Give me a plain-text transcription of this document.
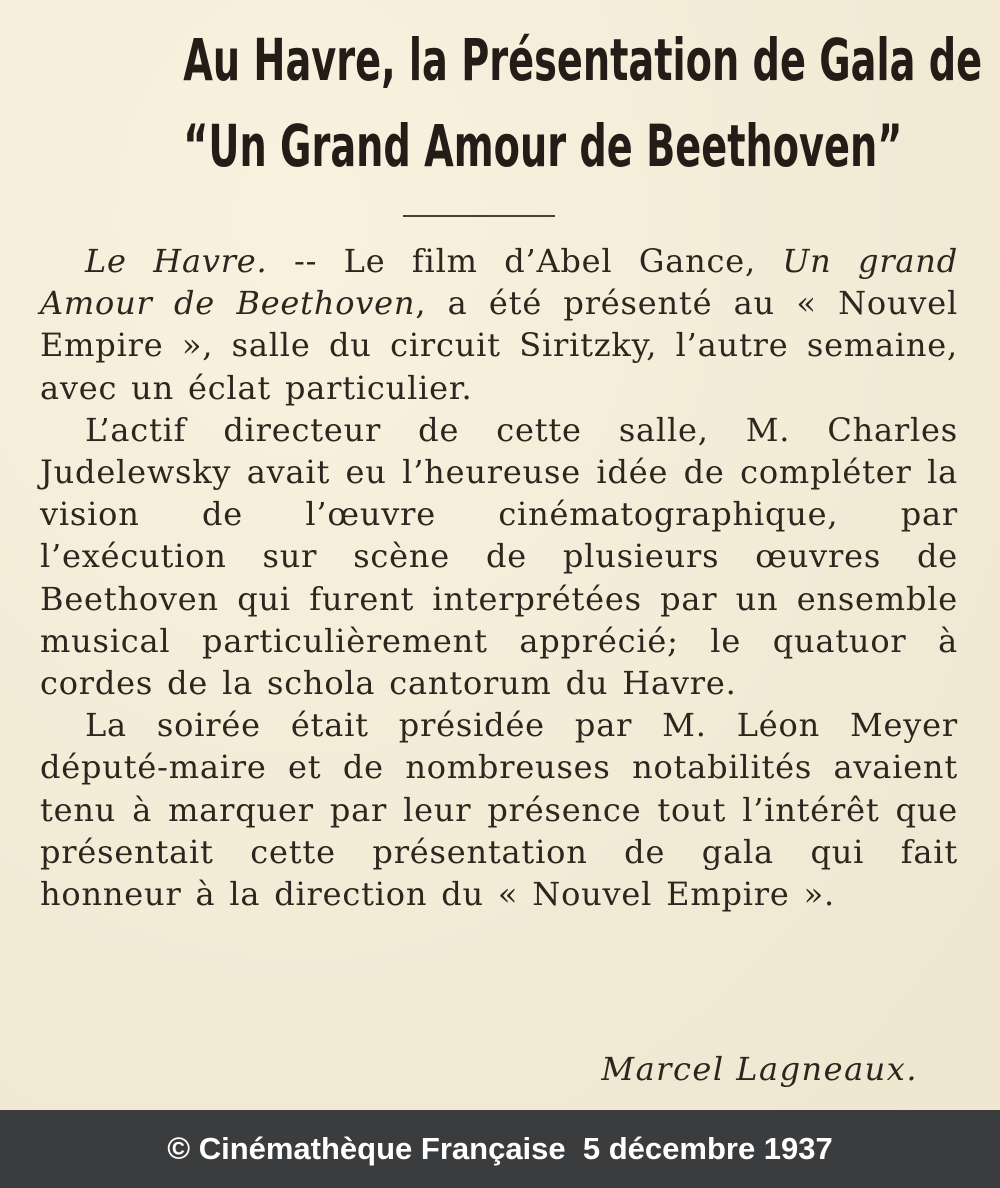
Au Havre, la Présentation de Gala de
“Un Grand Amour de Beethoven”

Le Havre. -- Le film d’Abel Gance, Un grand Amour de Beethoven, a été présenté au « Nouvel Empire », salle du circuit Siritzky, l’autre semaine, avec un éclat particulier.

L’actif directeur de cette salle, M. Charles Judelewsky avait eu l’heureuse idée de compléter la vision de l’œuvre cinématographique, par l’exécution sur scène de plusieurs œuvres de Beethoven qui furent interprétées par un ensemble musical particulièrement apprécié; le quatuor à cordes de la schola cantorum du Havre.

La soirée était présidée par M. Léon Meyer député-maire et de nombreuses notabilités avaient tenu à marquer par leur présence tout l’intérêt que présentait cette présentation de gala qui fait honneur à la direction du « Nouvel Empire ».

Marcel Lagneaux.
© Cinémathèque Française  5 décembre 1937
